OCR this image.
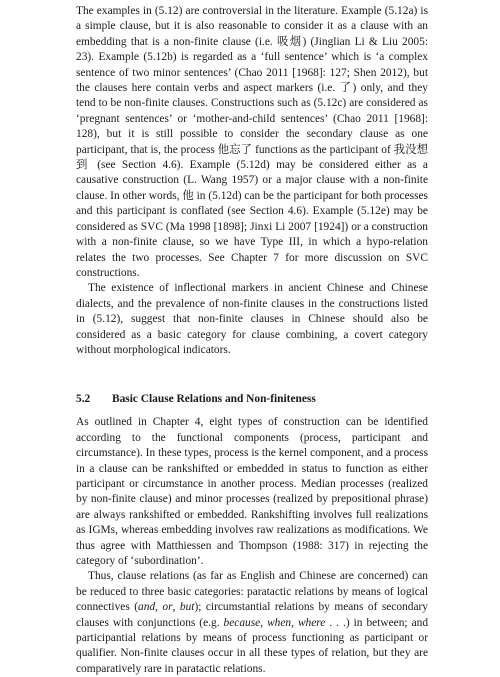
The examples in (5.12) are controversial in the literature. Example (5.12a) is a simple clause, but it is also reasonable to consider it as a clause with an embedding that is a non-finite clause (i.e. 吸烟) (Jinglian Li & Liu 2005: 23). Example (5.12b) is regarded as a ‘full sentence’ which is ‘a complex sentence of two minor sentences’ (Chao 2011 [1968]: 127; Shen 2012), but the clauses here contain verbs and aspect markers (i.e. 了) only, and they tend to be non-finite clauses. Constructions such as (5.12c) are considered as ‘pregnant sentences’ or ‘mother-and-child sentences’ (Chao 2011 [1968]: 128), but it is still possible to consider the secondary clause as one participant, that is, the process 他忘了 functions as the participant of 我没想到 (see Section 4.6). Example (5.12d) may be considered either as a causative construction (L. Wang 1957) or a major clause with a non-finite clause. In other words, 他 in (5.12d) can be the participant for both processes and this participant is conflated (see Section 4.6). Example (5.12e) may be considered as SVC (Ma 1998 [1898]; Jinxi Li 2007 [1924]) or a construction with a non-finite clause, so we have Type III, in which a hypo-relation relates the two processes. See Chapter 7 for more discussion on SVC constructions.

The existence of inflectional markers in ancient Chinese and Chinese dialects, and the prevalence of non-finite clauses in the constructions listed in (5.12), suggest that non-finite clauses in Chinese should also be considered as a basic category for clause combining, a covert category without morphological indicators.

5.2	Basic Clause Relations and Non-finiteness

As outlined in Chapter 4, eight types of construction can be identified according to the functional components (process, participant and circumstance). In these types, process is the kernel component, and a process in a clause can be rankshifted or embedded in status to function as either participant or circumstance in another process. Median processes (realized by non-finite clause) and minor processes (realized by prepositional phrase) are always rankshifted or embedded. Rankshifting involves full realizations as IGMs, whereas embedding involves raw realizations as modifications. We thus agree with Matthiessen and Thompson (1988: 317) in rejecting the category of ‘subordination’.

Thus, clause relations (as far as English and Chinese are concerned) can be reduced to three basic categories: paratactic relations by means of logical connectives (and, or, but); circumstantial relations by means of secondary clauses with conjunctions (e.g. because, when, where . . .) in between; and participantial relations by means of process functioning as participant or qualifier. Non-finite clauses occur in all these types of relation, but they are comparatively rare in paratactic relations.
